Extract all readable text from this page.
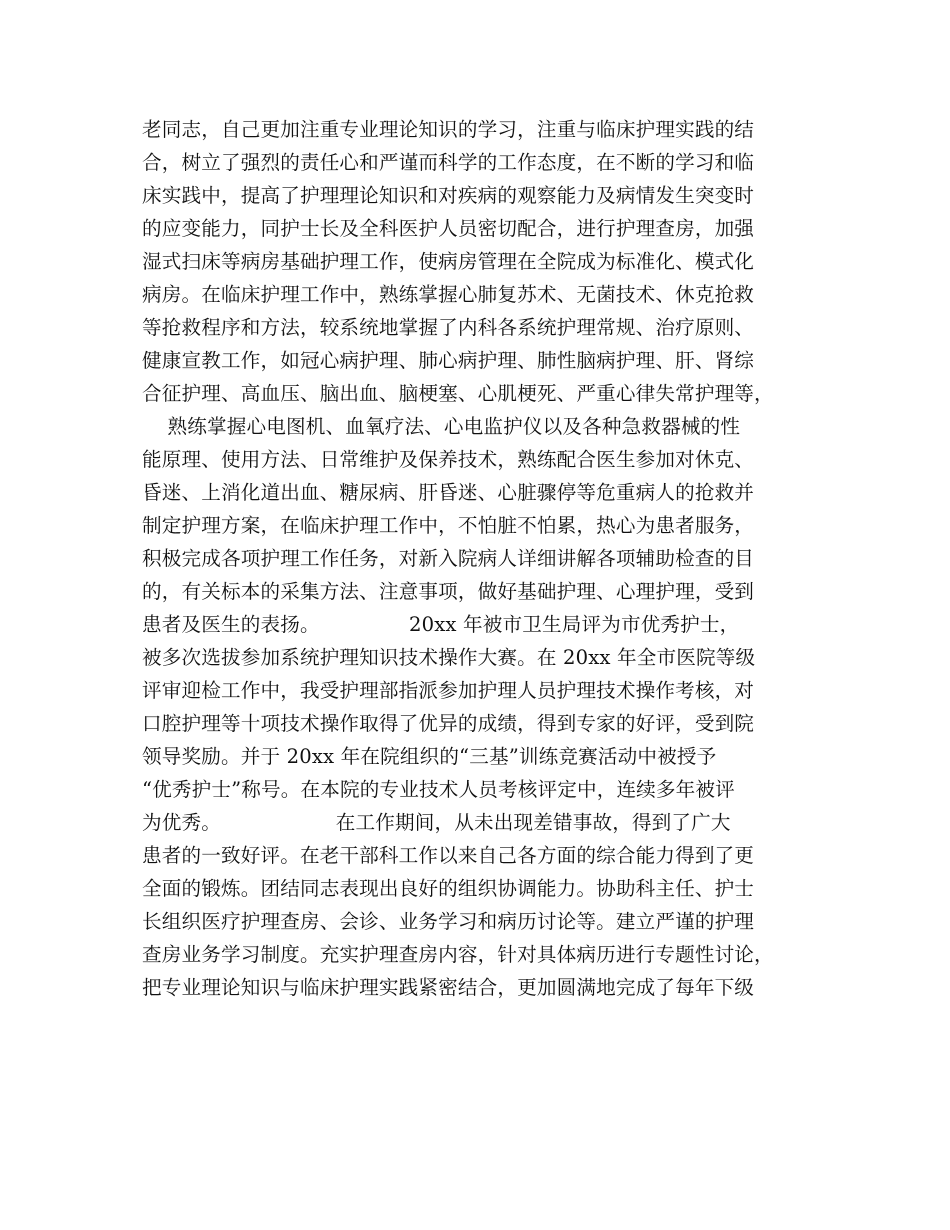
老同志，自己更加注重专业理论知识的学习，注重与临床护理实践的结
合，树立了强烈的责任心和严谨而科学的工作态度，在不断的学习和临
床实践中，提高了护理理论知识和对疾病的观察能力及病情发生突变时
的应变能力，同护士长及全科医护人员密切配合，进行护理查房，加强
湿式扫床等病房基础护理工作，使病房管理在全院成为标准化、模式化
病房。在临床护理工作中，熟练掌握心肺复苏术、无菌技术、休克抢救
等抢救程序和方法，较系统地掌握了内科各系统护理常规、治疗原则、
健康宣教工作，如冠心病护理、肺心病护理、肺性脑病护理、肝、肾综
合征护理、高血压、脑出血、脑梗塞、心肌梗死、严重心律失常护理等，
熟练掌握心电图机、血氧疗法、心电监护仪以及各种急救器械的性
能原理、使用方法、日常维护及保养技术，熟练配合医生参加对休克、
昏迷、上消化道出血、糖尿病、肝昏迷、心脏骤停等危重病人的抢救并
制定护理方案，在临床护理工作中，不怕脏不怕累，热心为患者服务，
积极完成各项护理工作任务，对新入院病人详细讲解各项辅助检查的目
的，有关标本的采集方法、注意事项，做好基础护理、心理护理，受到
患者及医生的表扬。              20xx 年被市卫生局评为市优秀护士，
被多次选拔参加系统护理知识技术操作大赛。在 20xx 年全市医院等级
评审迎检工作中，我受护理部指派参加护理人员护理技术操作考核，对
口腔护理等十项技术操作取得了优异的成绩，得到专家的好评，受到院
领导奖励。并于 20xx 年在院组织的“三基”训练竞赛活动中被授予
“优秀护士”称号。在本院的专业技术人员考核评定中，连续多年被评
为优秀。                  在工作期间，从未出现差错事故，得到了广大
患者的一致好评。在老干部科工作以来自己各方面的综合能力得到了更
全面的锻炼。团结同志表现出良好的组织协调能力。协助科主任、护士
长组织医疗护理查房、会诊、业务学习和病历讨论等。建立严谨的护理
查房业务学习制度。充实护理查房内容，针对具体病历进行专题性讨论，
把专业理论知识与临床护理实践紧密结合，更加圆满地完成了每年下级
